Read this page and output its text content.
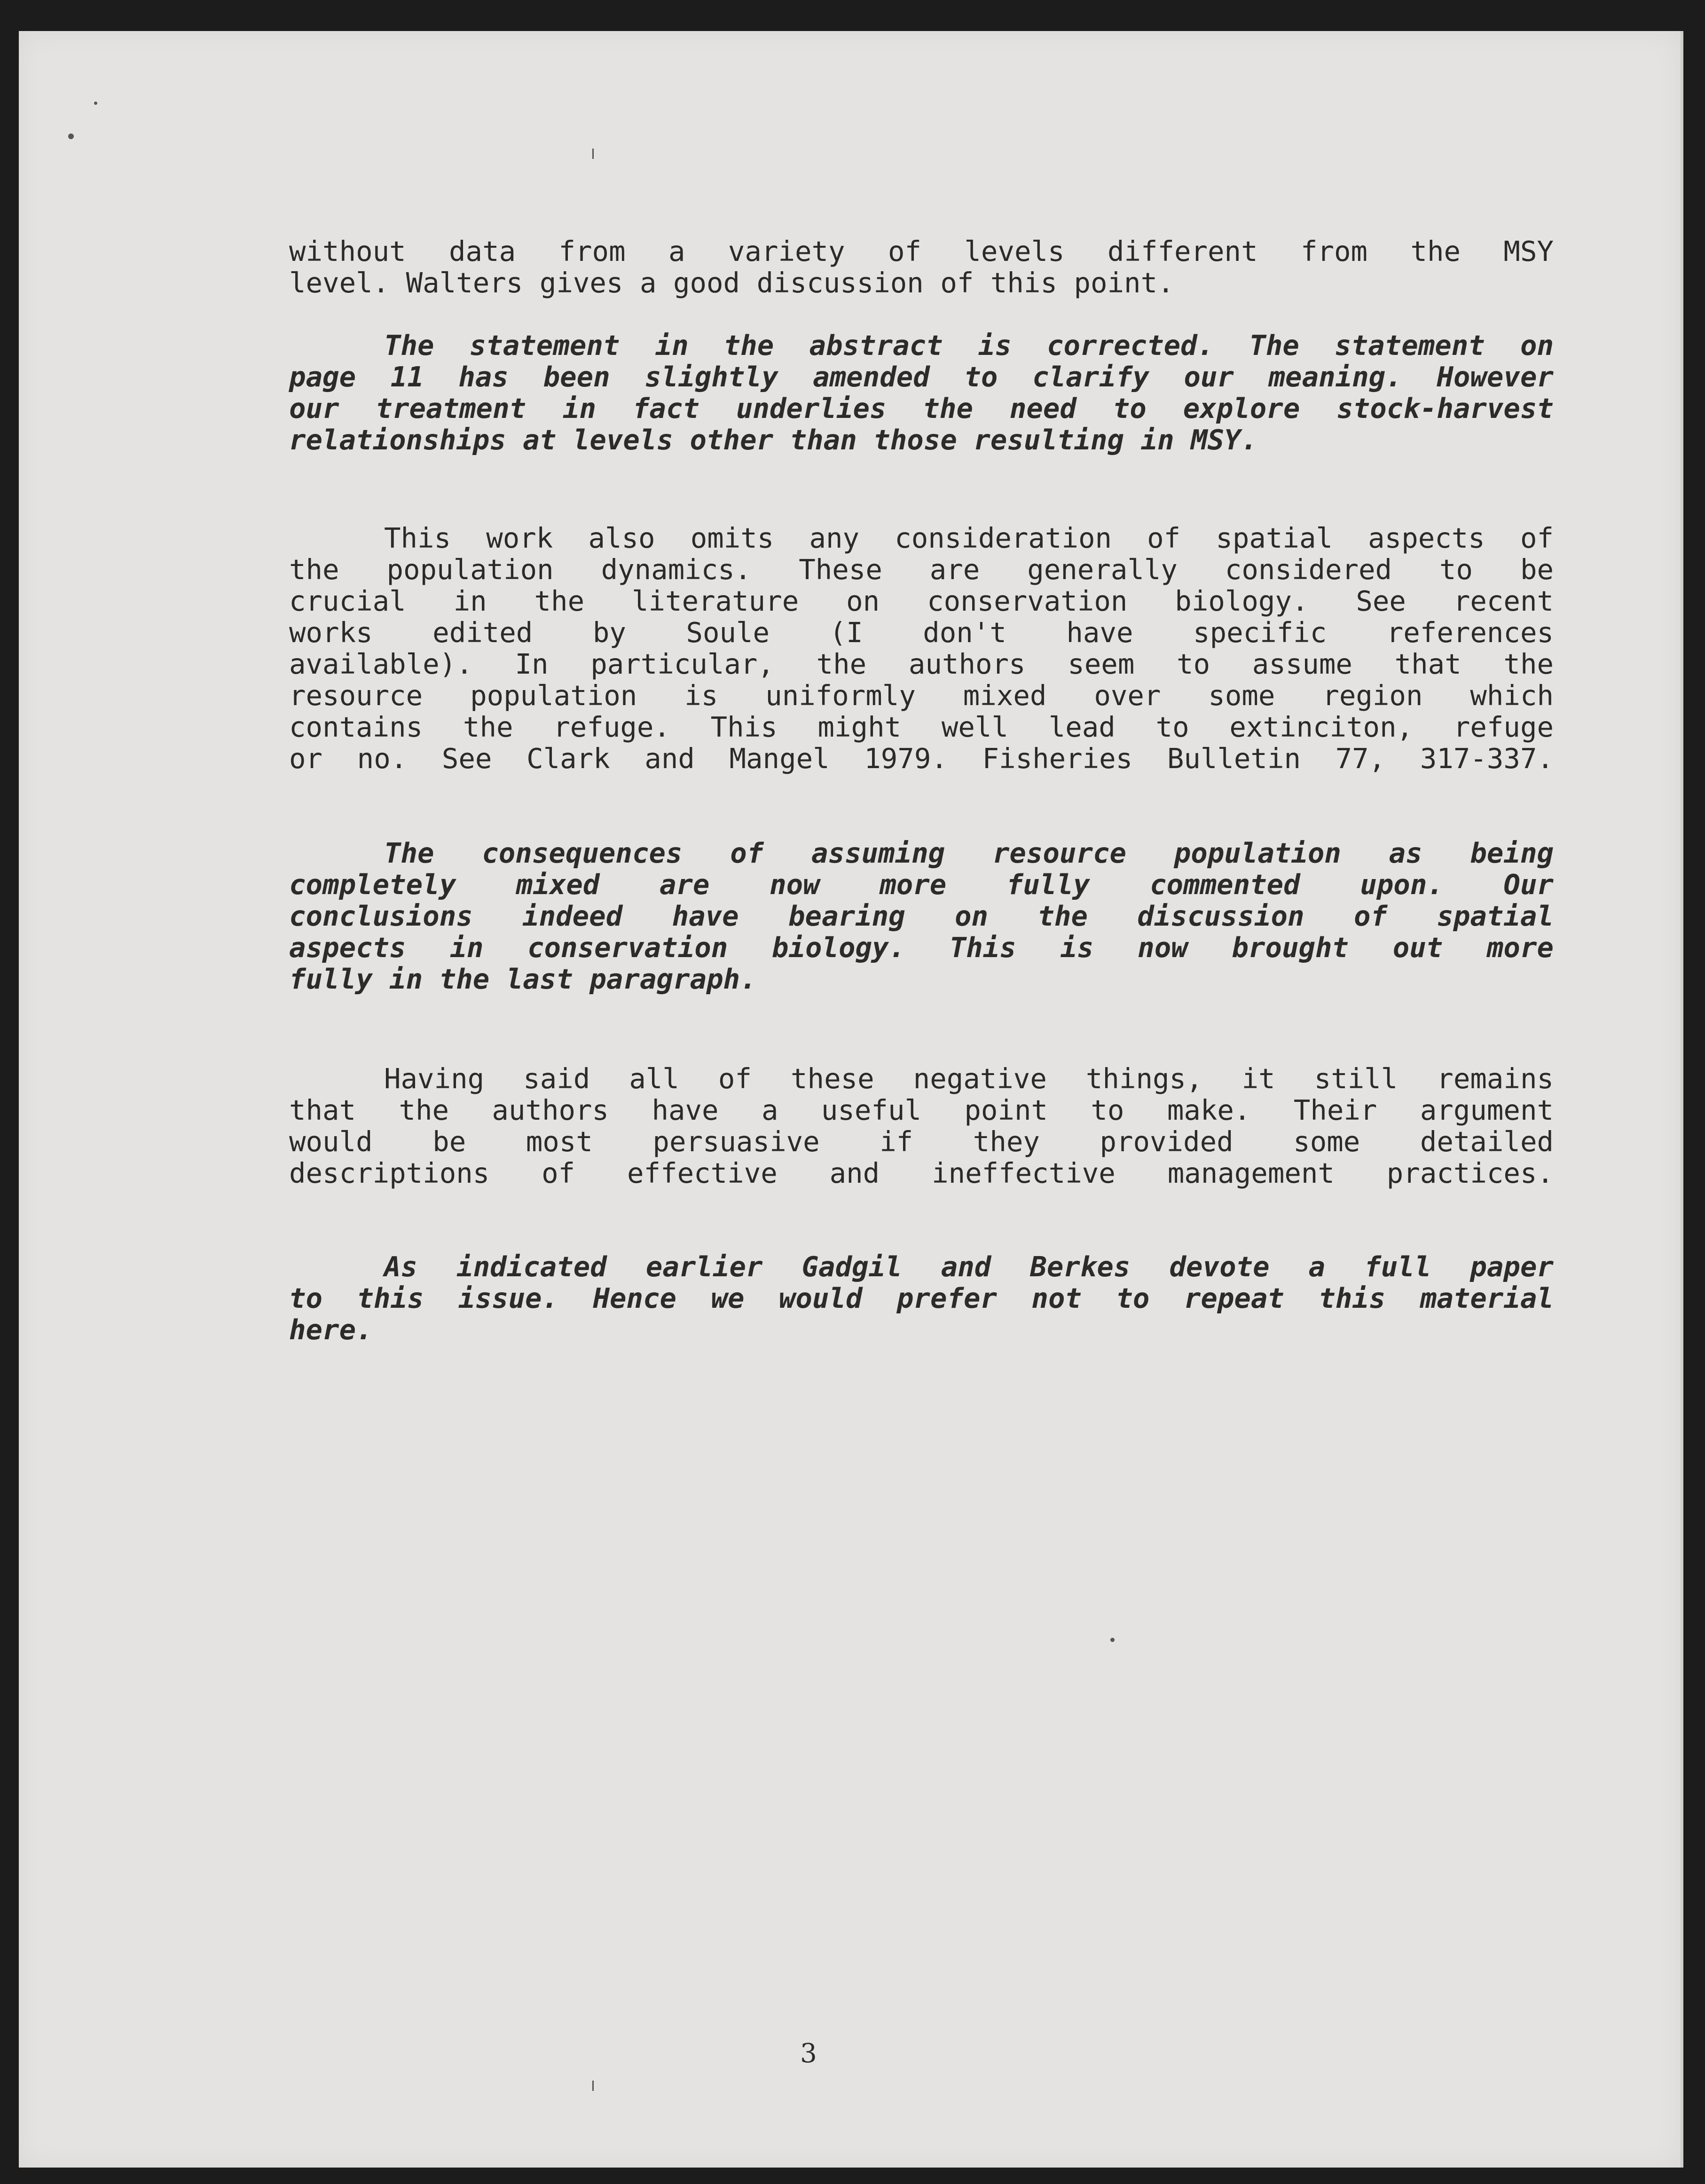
without data from a variety of levels different from the MSY
level. Walters gives a good discussion of this point.
The statement in the abstract is corrected. The statement on
page 11 has been slightly amended to clarify our meaning. However
our treatment in fact underlies the need to explore stock-harvest
relationships at levels other than those resulting in MSY.
This work also omits any consideration of spatial aspects of
the population dynamics. These are generally considered to be
crucial in the literature on conservation biology. See recent
works edited by Soule (I don't have specific references
available). In particular, the authors seem to assume that the
resource population is uniformly mixed over some region which
contains the refuge. This might well lead to extinciton, refuge
or no. See Clark and Mangel 1979. Fisheries Bulletin 77, 317-337.
The consequences of assuming resource population as being
completely mixed are now more fully commented upon. Our
conclusions indeed have bearing on the discussion of spatial
aspects in conservation biology. This is now brought out more
fully in the last paragraph.
Having said all of these negative things, it still remains
that the authors have a useful point to make. Their argument
would be most persuasive if they provided some detailed
descriptions of effective and ineffective management practices.
As indicated earlier Gadgil and Berkes devote a full paper
to this issue. Hence we would prefer not to repeat this material
here.
3
